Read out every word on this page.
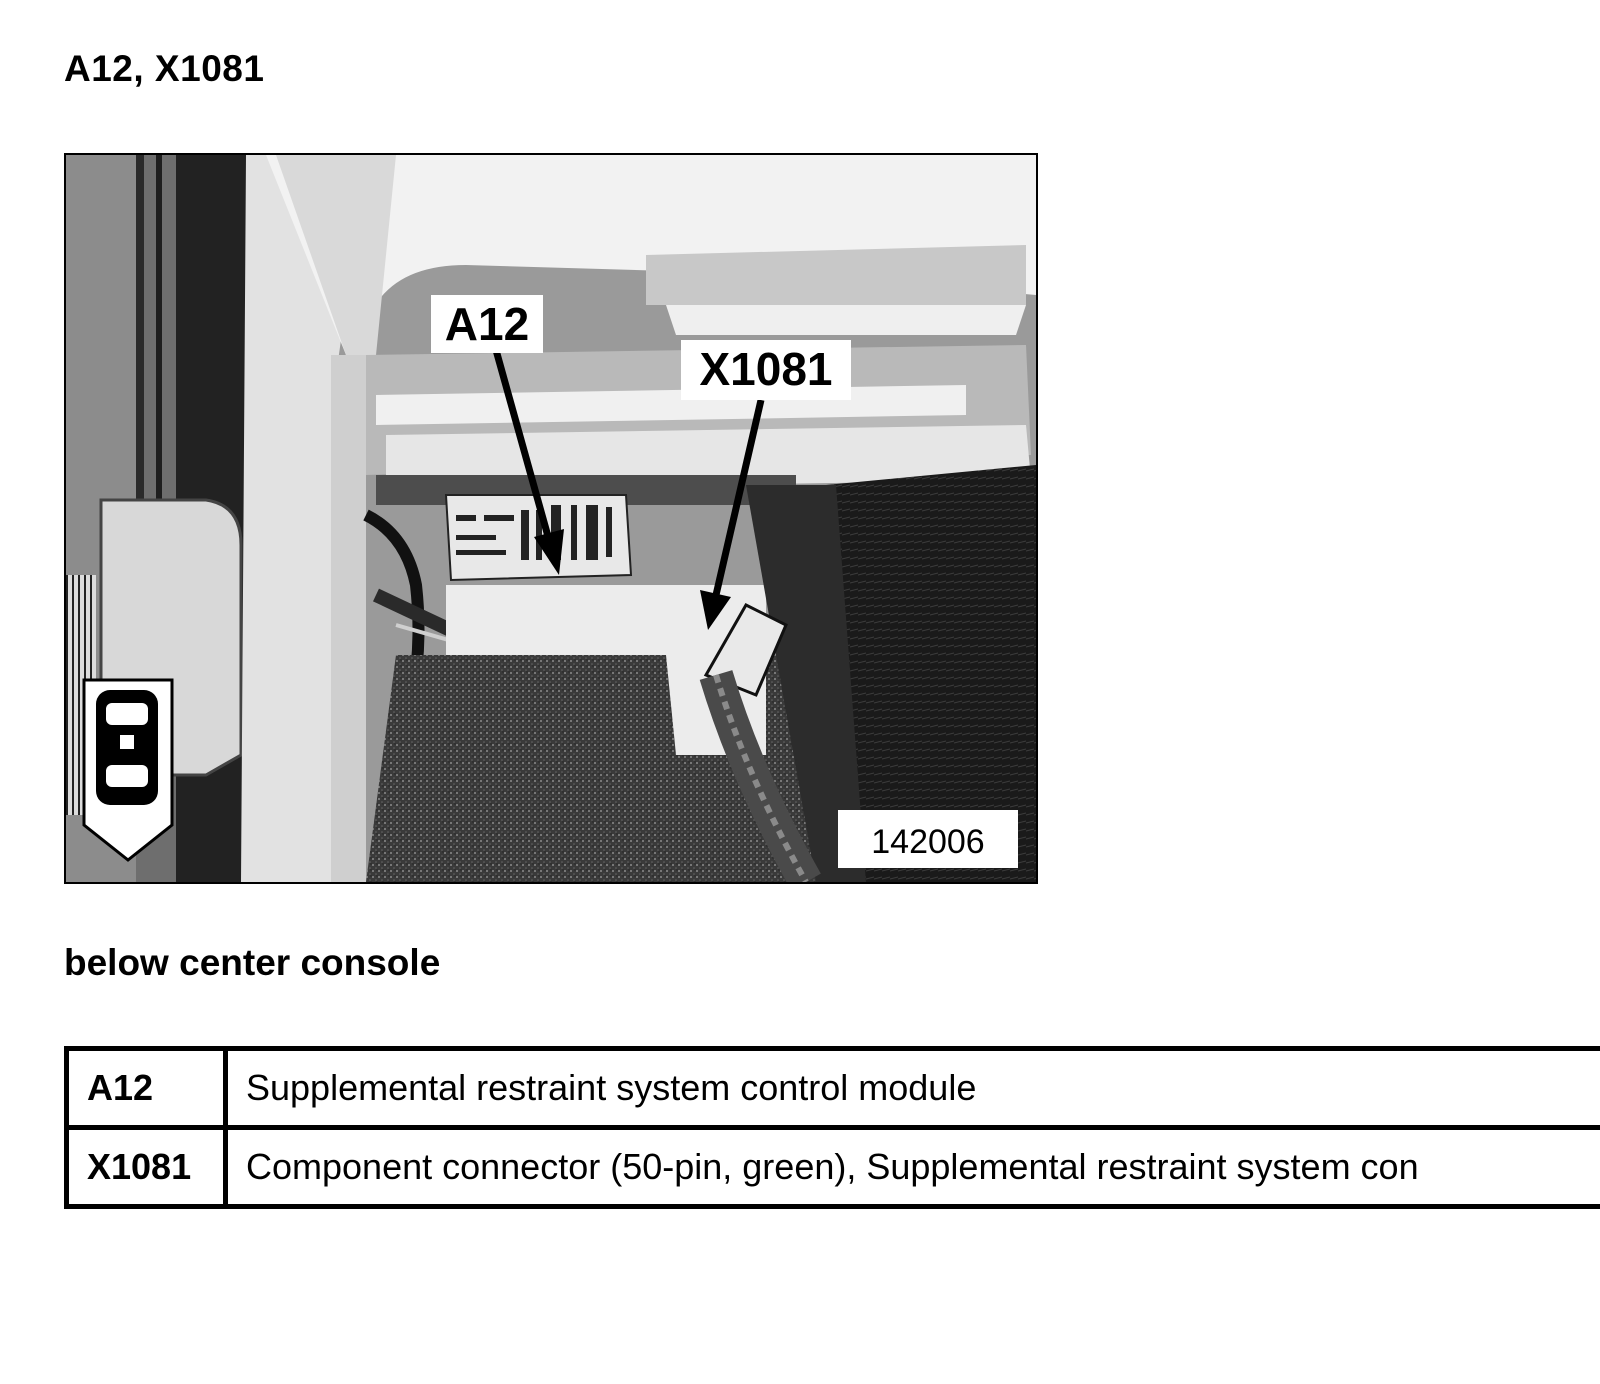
A12, X1081
A12
X1081
142006
below center console
A12	Supplemental restraint system control module
X1081	Component connector (50-pin, green), Supplemental restraint system con
